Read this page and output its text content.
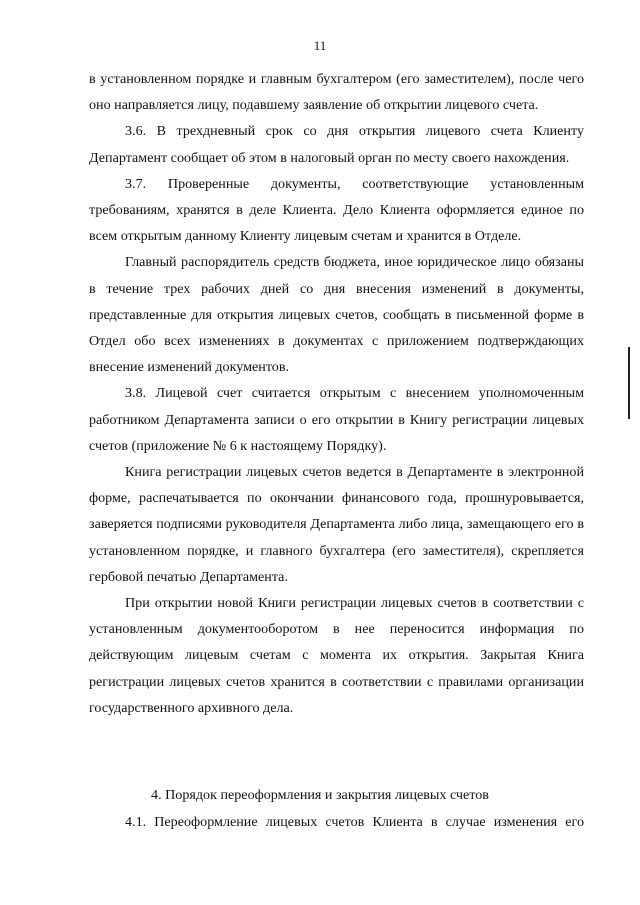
11

в установленном порядке и главным бухгалтером (его заместителем), после чего оно направляется лицу, подавшему заявление об открытии лицевого счета.

3.6. В трехдневный срок со дня открытия лицевого счета Клиенту Департамент сообщает об этом в налоговый орган по месту своего нахождения.

3.7. Проверенные документы, соответствующие установленным требованиям, хранятся в деле Клиента. Дело Клиента оформляется единое по всем открытым данному Клиенту лицевым счетам и хранится в Отделе.

Главный распорядитель средств бюджета, иное юридическое лицо обязаны в течение трех рабочих дней со дня внесения изменений в документы, представленные для открытия лицевых счетов, сообщать в письменной форме в Отдел обо всех изменениях в документах с приложением подтверждающих внесение изменений документов.

3.8. Лицевой счет считается открытым с внесением уполномоченным работником Департамента записи о его открытии в Книгу регистрации лицевых счетов (приложение № 6 к настоящему Порядку).

Книга регистрации лицевых счетов ведется в Департаменте в электронной форме, распечатывается по окончании финансового года, прошнуровывается, заверяется подписями руководителя Департамента либо лица, замещающего его в установленном порядке, и главного бухгалтера (его заместителя), скрепляется гербовой печатью Департамента.

При открытии новой Книги регистрации лицевых счетов в соответствии с установленным документооборотом в нее переносится информация по действующим лицевым счетам с момента их открытия. Закрытая Книга регистрации лицевых счетов хранится в соответствии с правилами организации государственного архивного дела.

4. Порядок переоформления и закрытия лицевых счетов

4.1. Переоформление лицевых счетов Клиента в случае изменения его
